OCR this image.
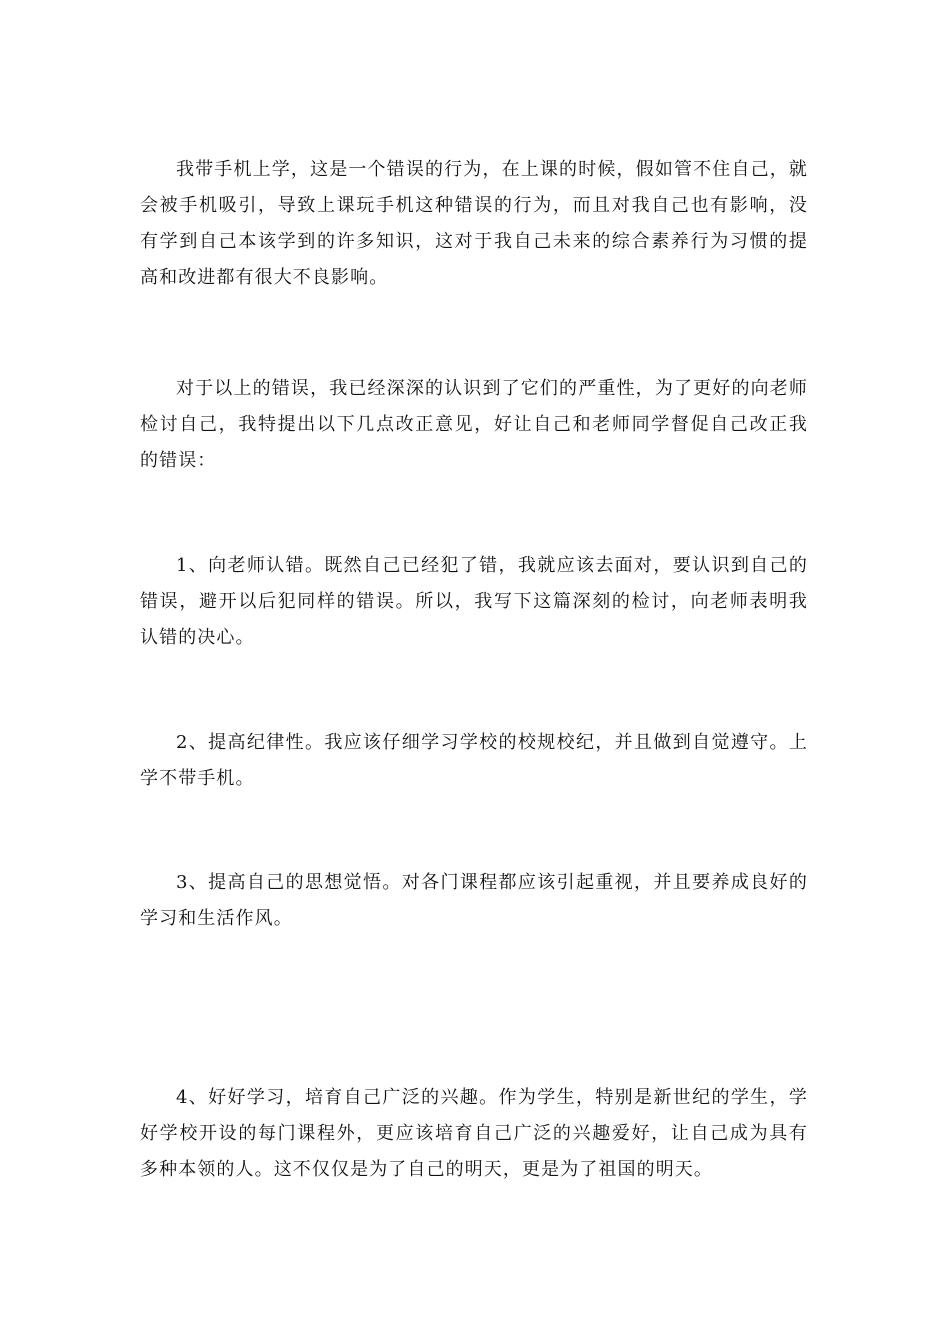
我带手机上学，这是一个错误的行为，在上课的时候，假如管不住自己，就会被手机吸引，导致上课玩手机这种错误的行为，而且对我自己也有影响，没有学到自己本该学到的许多知识，这对于我自己未来的综合素养行为习惯的提高和改进都有很大不良影响。

对于以上的错误，我已经深深的认识到了它们的严重性，为了更好的向老师检讨自己，我特提出以下几点改正意见，好让自己和老师同学督促自己改正我的错误：

1、向老师认错。既然自己已经犯了错，我就应该去面对，要认识到自己的错误，避开以后犯同样的错误。所以，我写下这篇深刻的检讨，向老师表明我认错的决心。

2、提高纪律性。我应该仔细学习学校的校规校纪，并且做到自觉遵守。上学不带手机。

3、提高自己的思想觉悟。对各门课程都应该引起重视，并且要养成良好的学习和生活作风。

4、好好学习，培育自己广泛的兴趣。作为学生，特别是新世纪的学生，学好学校开设的每门课程外，更应该培育自己广泛的兴趣爱好，让自己成为具有多种本领的人。这不仅仅是为了自己的明天，更是为了祖国的明天。
